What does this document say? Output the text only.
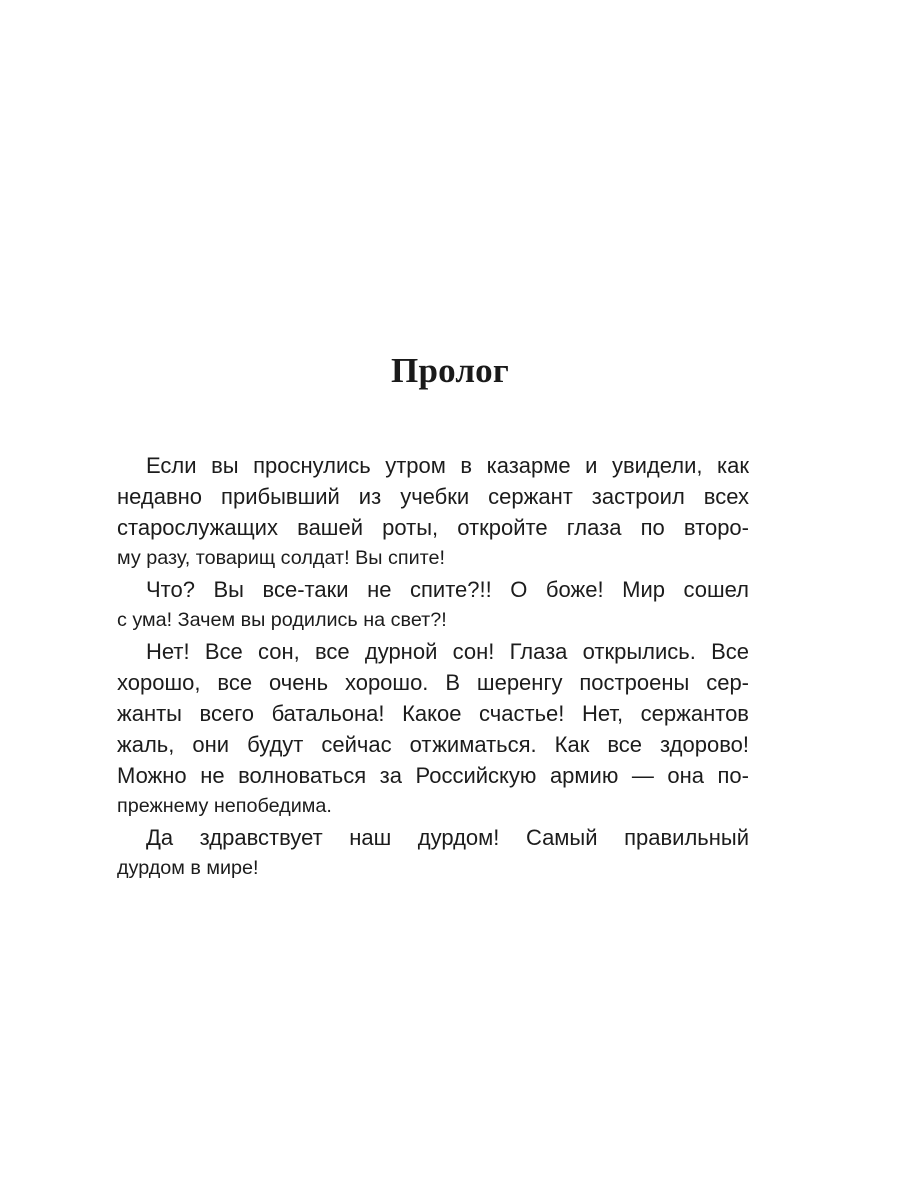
Пролог
Если вы проснулись утром в казарме и увидели, как
недавно прибывший из учебки сержант застроил всех
старослужащих вашей роты, откройте глаза по второ-
му разу, товарищ солдат! Вы спите!
Что? Вы все-таки не спите?!! О боже! Мир сошел
с ума! Зачем вы родились на свет?!
Нет! Все сон, все дурной сон! Глаза открылись. Все
хорошо, все очень хорошо. В шеренгу построены сер-
жанты всего батальона! Какое счастье! Нет, сержантов
жаль, они будут сейчас отжиматься. Как все здорово!
Можно не волноваться за Российскую армию — она по-
прежнему непобедима.
Да здравствует наш дурдом! Самый правильный
дурдом в мире!
